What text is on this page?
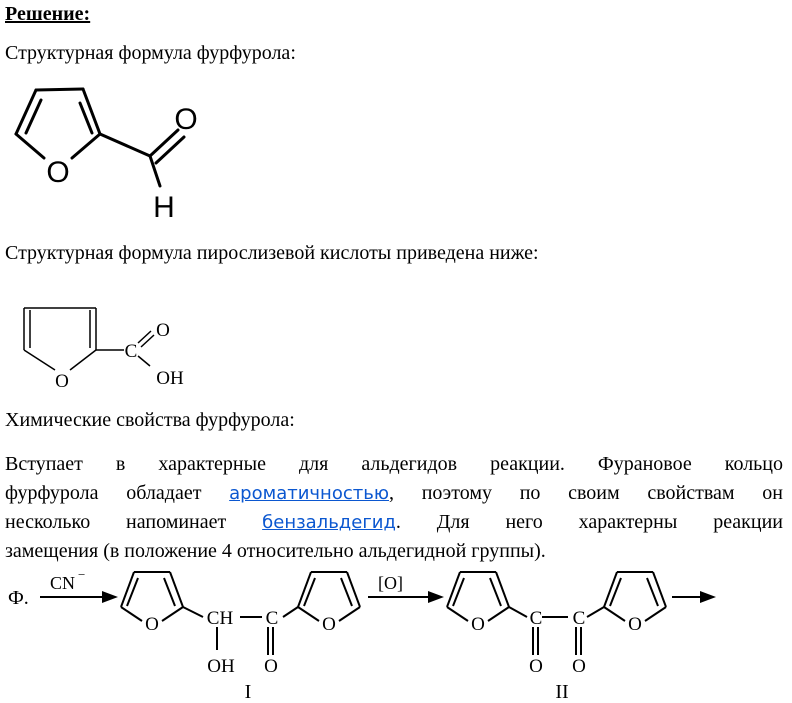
Решение:
Структурная формула фурфурола:
O
O
H
Структурная формула пирослизевой кислоты приведена ниже:
O
C
O
OH
Химические свойства фурфурола:
Вступает в характерные для альдегидов реакции. Фурановое кольцо
фурфурола обладает ароматичностью, поэтому по своим свойствам он
несколько напоминает бензальдегид. Для него характерны реакции
замещения (в положение 4 относительно альдегидной группы).
Ф.
CN −	[O]
O	CH C
OH O
O
I
O C C
O O
O
II
